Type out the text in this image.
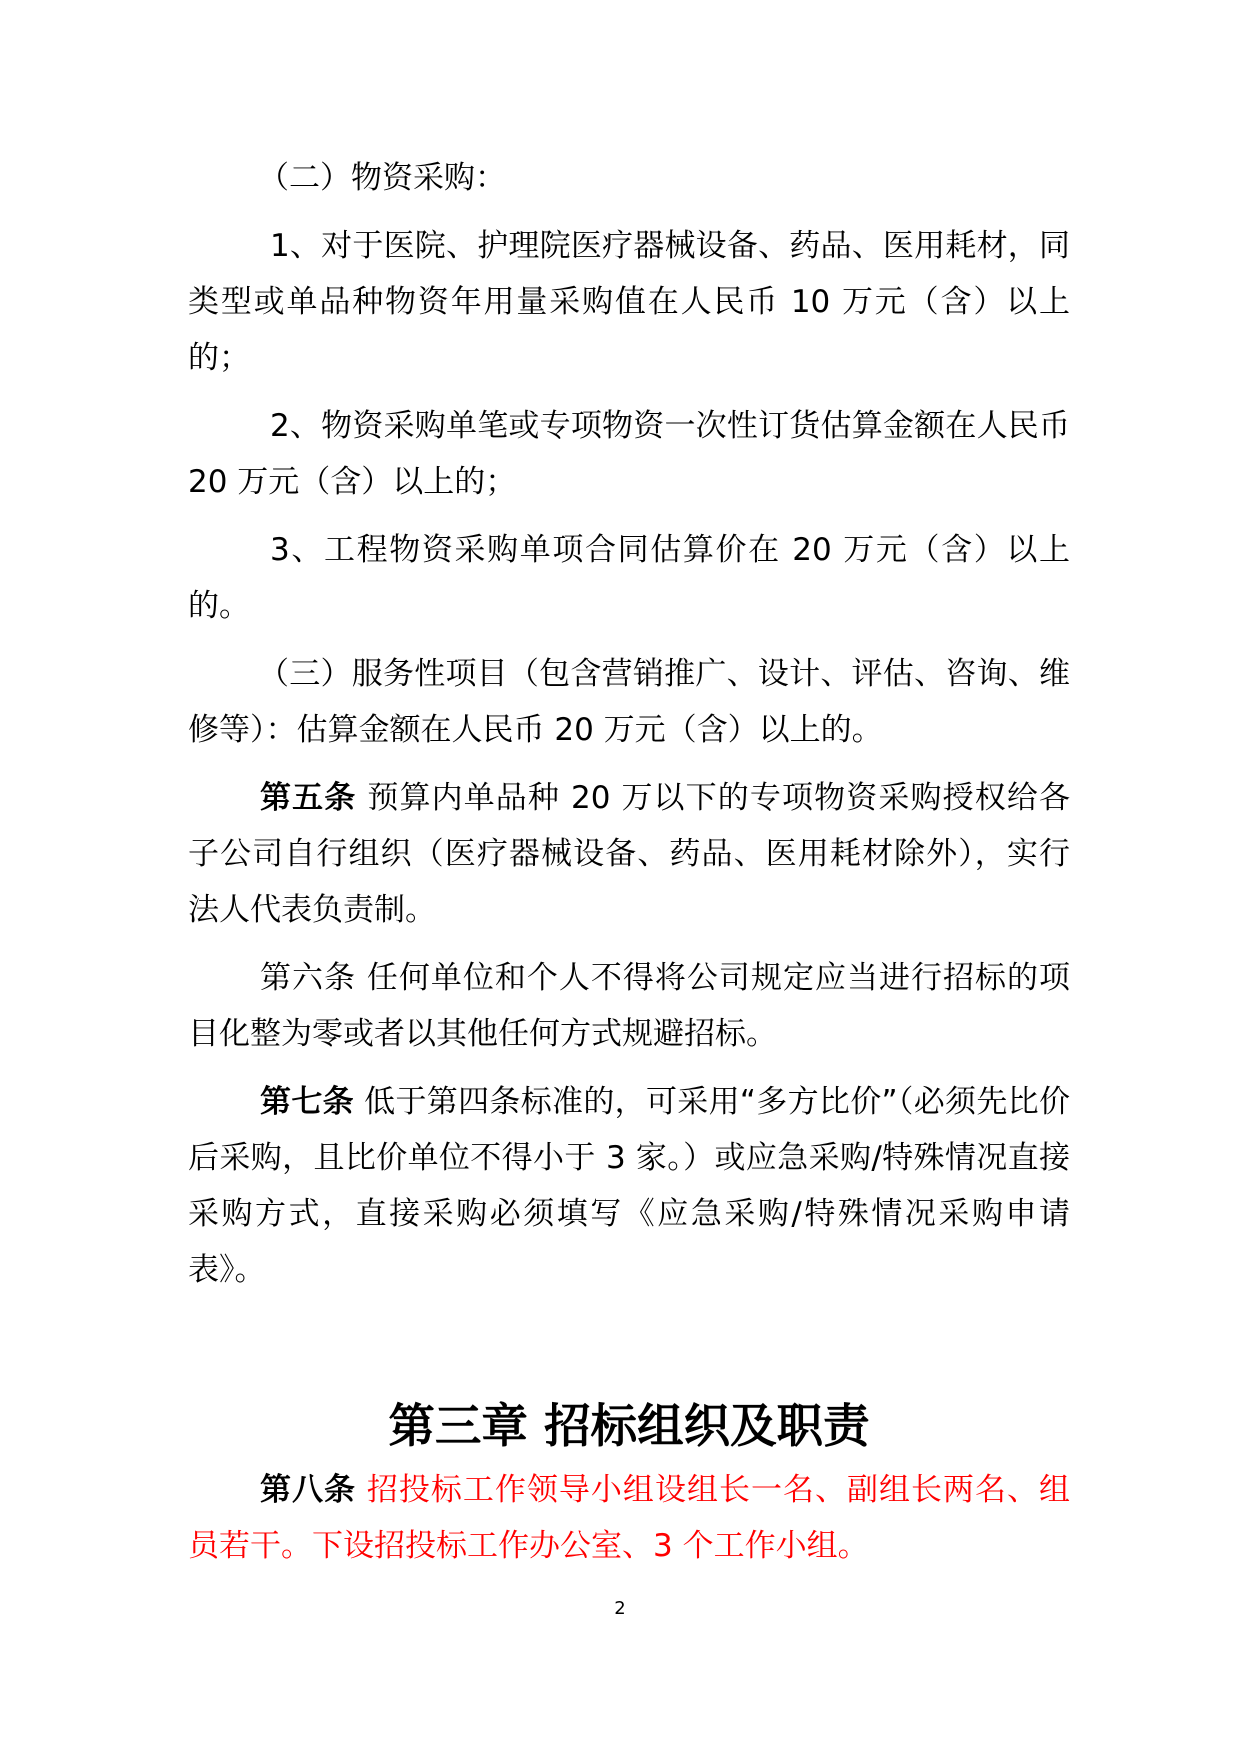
（二）物资采购：

1、对于医院、护理院医疗器械设备、药品、医用耗材，同类型或单品种物资年用量采购值在人民币 10 万元（含）以上的；

2、物资采购单笔或专项物资一次性订货估算金额在人民币 20 万元（含）以上的；

3、工程物资采购单项合同估算价在 20 万元（含）以上的。

（三）服务性项目（包含营销推广、设计、评估、咨询、维修等）：估算金额在人民币 20 万元（含）以上的。

第五条 预算内单品种 20 万以下的专项物资采购授权给各子公司自行组织（医疗器械设备、药品、医用耗材除外），实行法人代表负责制。

第六条 任何单位和个人不得将公司规定应当进行招标的项目化整为零或者以其他任何方式规避招标。

第七条 低于第四条标准的，可采用“多方比价”（必须先比价后采购，且比价单位不得小于 3 家。）或应急采购/特殊情况直接采购方式，直接采购必须填写《应急采购/特殊情况采购申请表》。

第三章 招标组织及职责

第八条 招投标工作领导小组设组长一名、副组长两名、组员若干。下设招投标工作办公室、3 个工作小组。

2
